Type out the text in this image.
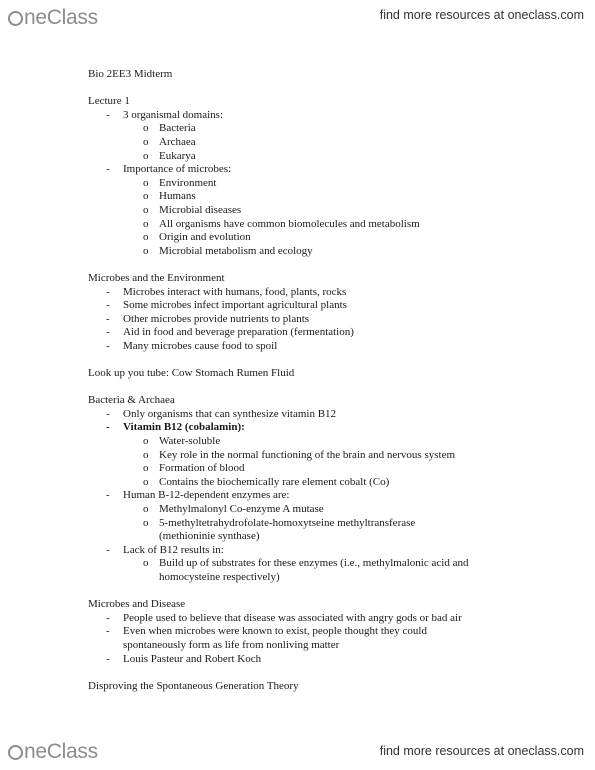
neClass	find more resources at oneclass.com
Bio 2EE3 Midterm
Lecture 1
-	3 organismal domains:
o Bacteria
o Archaea
o Eukarya
-	Importance of microbes:
o Environment
o Humans
o Microbial diseases
o All organisms have common biomolecules and metabolism
o Origin and evolution
o Microbial metabolism and ecology
Microbes and the Environment
-	Microbes interact with humans, food, plants, rocks
-	Some microbes infect important agricultural plants
-	Other microbes provide nutrients to plants
-	Aid in food and beverage preparation (fermentation)
-	Many microbes cause food to spoil
Look up you tube: Cow Stomach Rumen Fluid
Bacteria & Archaea
-	Only organisms that can synthesize vitamin B12
-	Vitamin B12 (cobalamin):
o Water-soluble
o Key role in the normal functioning of the brain and nervous system
o Formation of blood
o Contains the biochemically rare element cobalt (Co)
-	Human B-12-dependent enzymes are:
o Methylmalonyl Co-enzyme A mutase
o 5-methyltetrahydrofolate-homoxytseine methyltransferase
(methioninie synthase)
-	Lack of B12 results in:
o Build up of substrates for these enzymes (i.e., methylmalonic acid and
homocysteine respectively)
Microbes and Disease
-	People used to believe that disease was associated with angry gods or bad air
-	Even when microbes were known to exist, people thought they could
spontaneously form as life from nonliving matter
-	Louis Pasteur and Robert Koch
Disproving the Spontaneous Generation Theory
neClass	find more resources at oneclass.com
